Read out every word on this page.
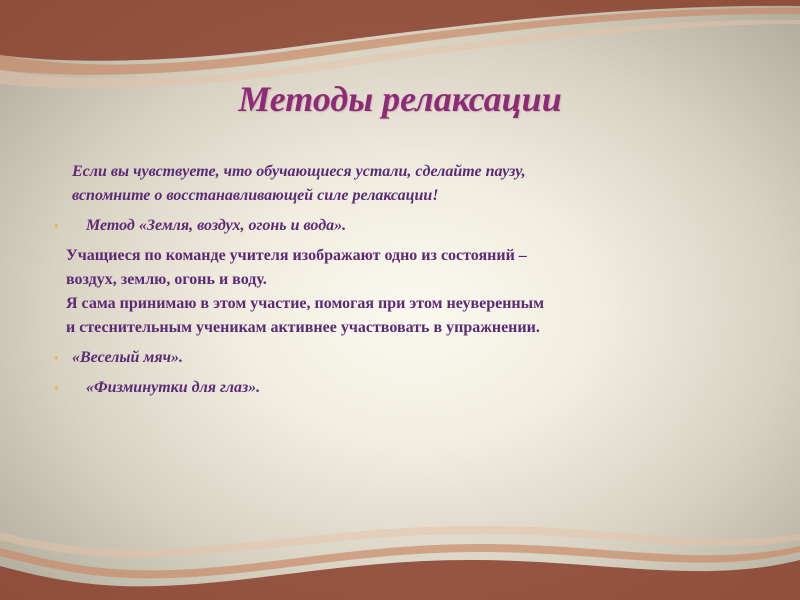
Методы релаксации
Если вы чувствуете, что обучающиеся устали, сделайте паузу,
вспомните о восстанавливающей силе релаксации!
• Метод «Земля, воздух, огонь и вода».
Учащиеся по команде учителя изображают одно из состояний –
воздух, землю, огонь и воду.
Я сама принимаю в этом участие, помогая при этом неуверенным
и стеснительным ученикам активнее участвовать в упражнении.
• «Веселый мяч».
• «Физминутки для глаз».
